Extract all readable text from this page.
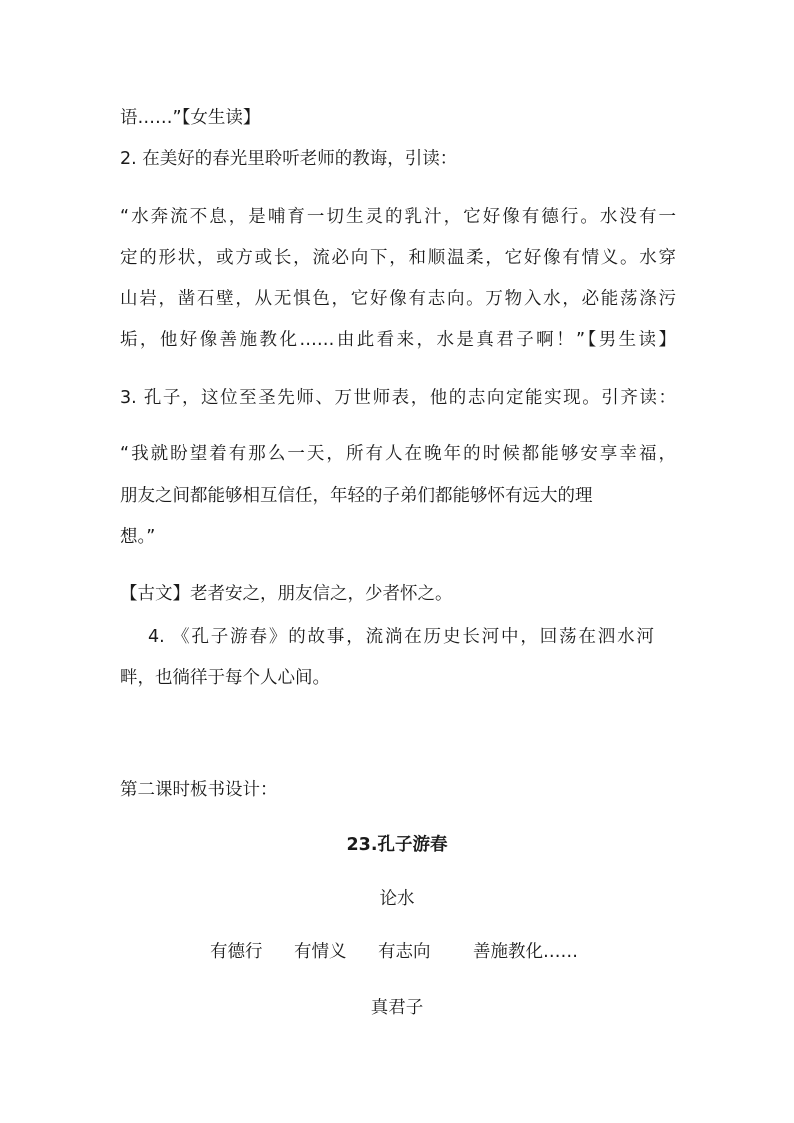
语……”【女生读】
2. 在美好的春光里聆听老师的教诲，引读：
“水奔流不息，是哺育一切生灵的乳汁，它好像有德行。水没有一
定的形状，或方或长，流必向下，和顺温柔，它好像有情义。水穿
山岩，凿石壁，从无惧色，它好像有志向。万物入水，必能荡涤污
垢，他好像善施教化……由此看来，水是真君子啊！”【男生读】
3. 孔子，这位至圣先师、万世师表，他的志向定能实现。引齐读：
“我就盼望着有那么一天，所有人在晚年的时候都能够安享幸福，
朋友之间都能够相互信任，年轻的子弟们都能够怀有远大的理
想。”
【古文】老者安之，朋友信之，少者怀之。
4. 《孔子游春》的故事，流淌在历史长河中，回荡在泗水河
畔，也徜徉于每个人心间。
第二课时板书设计：
23.孔子游春
论水
有德行 有情义 有志向 善施教化……
真君子
